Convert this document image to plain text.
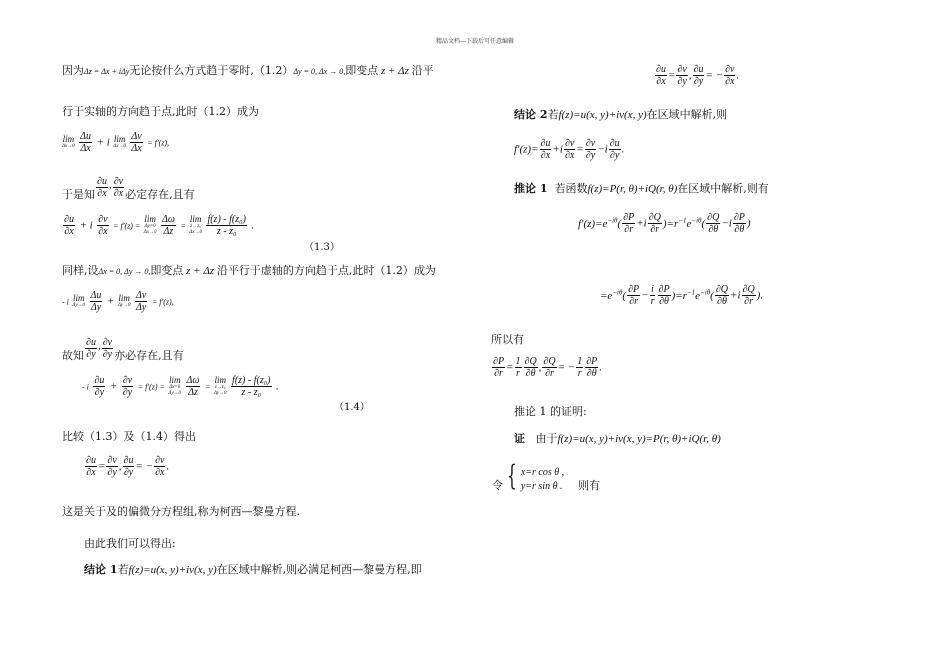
精品文档---下载后可任意编辑
因为Δz = Δx + iΔy无论按什么方式趋于零时,（1.2）Δy = 0, Δx → 0,即变点 z + Δz 沿平
行于实轴的方向趋于点,此时（1.2）成为
lim
Δx→0
$\frac{\Delta u}{\Delta x} + i$ lim
Δx→0
$\frac{\Delta v}{\Delta x} = f'(z)$,
于是知 $\frac{\partial u}{\partial x}$ , $\frac{\partial v}{\partial x}$ 必定存在,且有
$\frac{\partial u}{\partial x} + i \frac{\partial v}{\partial x} = f'(z)$ =
lim
Δy=0
Δx→0
$\frac{\Delta\omega}{\Delta z}$ =
lim
z→z₀
Δx→0
$\frac{\text{f(z) - f(z₀)}}{\text{z - z₀}}$ .
（1.3）
同样,设Δx = 0, Δy → 0,即变点 z + Δz 沿平行于虚轴的方向趋于点,此时（1.2）成为
- i lim
Δy→0
$\frac{\Delta u}{\Delta y} + \lim$
Δy→0
$\frac{\Delta v}{\Delta y} = f'(z)$,
故知 $\frac{\partial u}{\partial y}$ , $\frac{\partial v}{\partial y}$ 亦必存在,且有
- i $\frac{\partial u}{\partial y} + \frac{\partial v}{\partial y} = f'(z)$ =
lim
Δx=0
Δy→0
$\frac{\Delta\omega}{\Delta z}$ =
lim
z→z₀
Δy→0
$\frac{\text{f(z) - f(z₀)}}{\text{z - z₀}}$ .
（1.4）
比较（1.3）及（1.4）得出
$\frac{\partial u}{\partial x} = \frac{\partial v}{\partial y}$ , $\frac{\partial u}{\partial y}$ = − $\frac{\partial v}{\partial x}$ .
这是关于及的偏微分方程组,称为柯西—黎曼方程.
由此我们可以得出:
结论 1若f(z)=u(x, y)+iv(x, y)在区域中解析,则必满足柯西—黎曼方程,即
$\frac{\partial u}{\partial x} = \frac{\partial v}{\partial y}$ , $\frac{\partial u}{\partial y}$ = − $\frac{\partial v}{\partial x}$ .
结论 2若f(z)=u(x, y)+iv(x, y)在区域中解析,则
$f'(z)= \frac{\partial u}{\partial x} +i \frac{\partial v}{\partial x} = \frac{\partial v}{\partial y} -i \frac{\partial u}{\partial y}$ .
推论 1 若函数f(z)=P(r, θ)+iQ(r, θ)在区域中解析,则有
$f'(z)=e^{-i\theta}( \frac{\partial P}{\partial r} +i \frac{\partial Q}{\partial r} )=r^{-1}e^{-i\theta}( \frac{\partial Q}{\partial\theta} -i \frac{\partial P}{\partial\theta}$ )
$=e^{-i\theta}( \frac{\partial P}{\partial r} - \frac{i}{r} \frac{\partial P}{\partial\theta} )=r^{-1}e^{-i\theta}( \frac{\partial Q}{\partial\theta} +i \frac{\partial Q}{\partial r}$ ).
所以有
$\frac{\partial P}{\partial r} = \frac{1}{r} \frac{\partial Q}{\partial\theta}$ , $\frac{\partial Q}{\partial r}$ = − $\frac{1}{r} \frac{\partial P}{\partial\theta}$ .
推论 1 的证明:
证 由于f(z)=u(x, y)+iv(x, y)=P(r, θ)+iQ(r, θ)
令 { x=r cos θ ,
y=r sin θ . 则有
